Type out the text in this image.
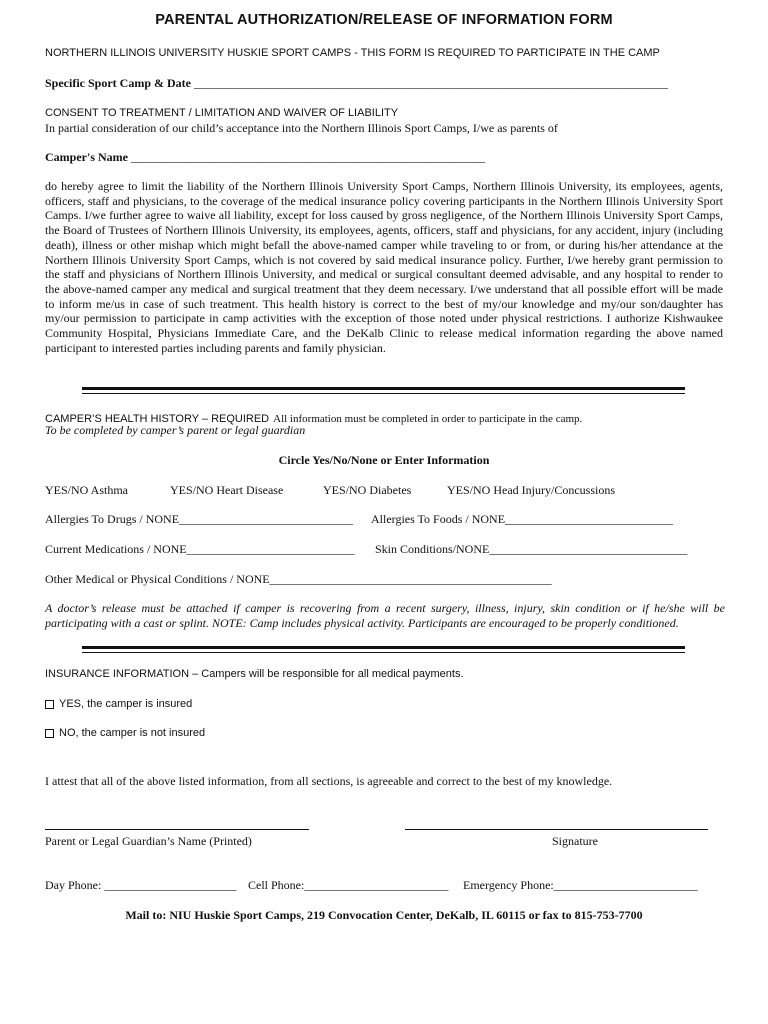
PARENTAL AUTHORIZATION/RELEASE OF INFORMATION FORM
NORTHERN ILLINOIS UNIVERSITY HUSKIE SPORT CAMPS - THIS FORM IS REQUIRED TO PARTICIPATE IN THE CAMP
Specific Sport Camp & Date _______________________________________________________________________________
CONSENT TO TREATMENT / LIMITATION AND WAIVER OF LIABILITY
In partial consideration of our child’s acceptance into the Northern Illinois Sport Camps, I/we as parents of
Camper's Name ___________________________________________________________
do hereby agree to limit the liability of the Northern Illinois University Sport Camps, Northern Illinois University, its employees, agents, officers, staff and physicians, to the coverage of the medical insurance policy covering participants in the Northern Illinois University Sport Camps. I/we further agree to waive all liability, except for loss caused by gross negligence, of the Northern Illinois University Sport Camps, the Board of Trustees of Northern Illinois University, its employees, agents, officers, staff and physicians, for any accident, injury (including death), illness or other mishap which might befall the above-named camper while traveling to or from, or during his/her attendance at the Northern Illinois University Sport Camps, which is not covered by said medical insurance policy. Further, I/we hereby grant permission to the staff and physicians of Northern Illinois University, and medical or surgical consultant deemed advisable, and any hospital to render to the above-named camper any medical and surgical treatment that they deem necessary. I/we understand that all possible effort will be made to inform me/us in case of such treatment. This health history is correct to the best of my/our knowledge and my/our son/daughter has my/our permission to participate in camp activities with the exception of those noted under physical restrictions. I authorize Kishwaukee Community Hospital, Physicians Immediate Care, and the DeKalb Clinic to release medical information regarding the above named participant to interested parties including parents and family physician.
CAMPER’S HEALTH HISTORY – REQUIRED All information must be completed in order to participate in the camp.
To be completed by camper’s parent or legal guardian
Circle Yes/No/None or Enter Information
YES/NO Asthma	YES/NO Heart Disease	YES/NO Diabetes	YES/NO Head Injury/Concussions
Allergies To Drugs / NONE_____________________________ Allergies To Foods / NONE____________________________
Current Medications / NONE____________________________ Skin Conditions/NONE_________________________________
Other Medical or Physical Conditions / NONE_______________________________________________
A doctor’s release must be attached if camper is recovering from a recent surgery, illness, injury, skin condition or if he/she will be participating with a cast or splint. NOTE: Camp includes physical activity. Participants are encouraged to be properly conditioned.
INSURANCE INFORMATION – Campers will be responsible for all medical payments.
YES, the camper is insured
NO, the camper is not insured
I attest that all of the above listed information, from all sections, is agreeable and correct to the best of my knowledge.
Parent or Legal Guardian’s Name (Printed)	Signature
Day Phone: ______________________ Cell Phone:________________________ Emergency Phone:________________________
Mail to: NIU Huskie Sport Camps, 219 Convocation Center, DeKalb, IL 60115 or fax to 815-753-7700
